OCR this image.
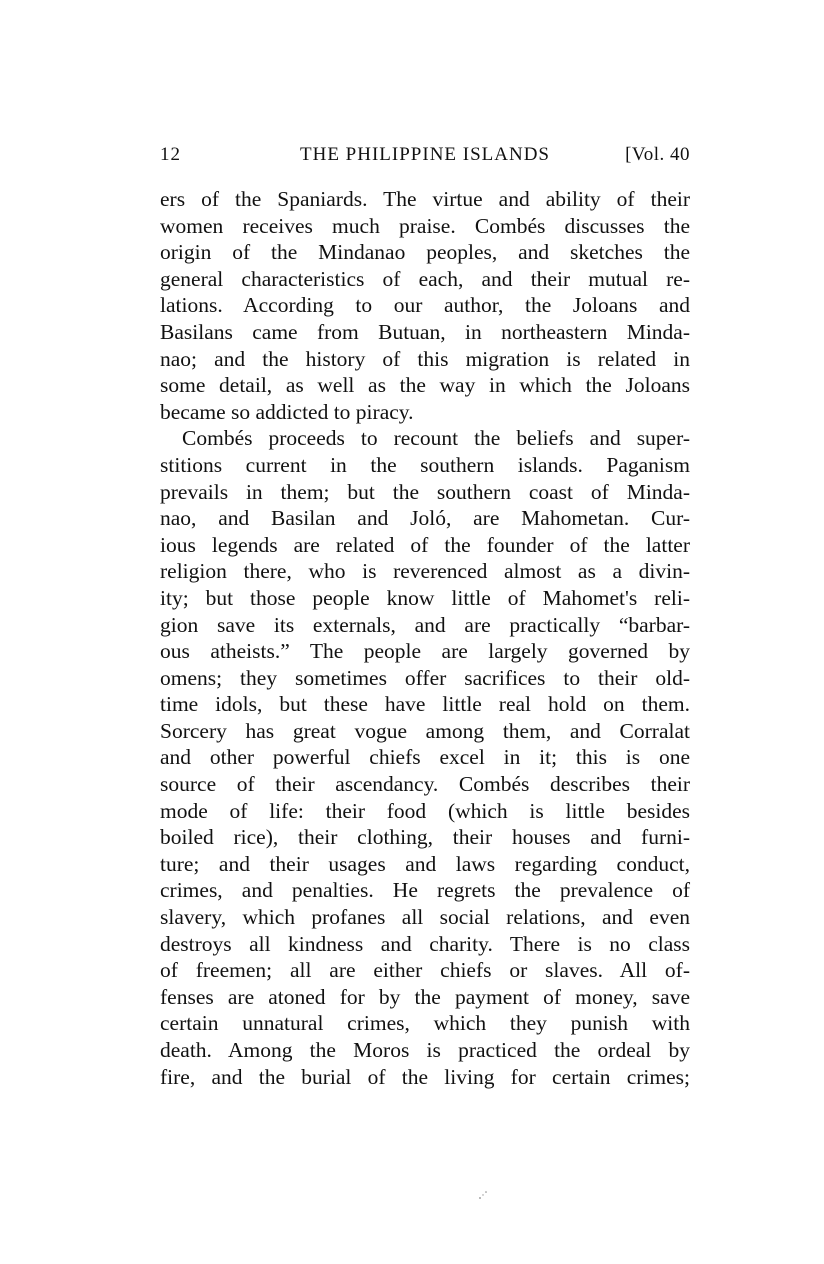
12	THE PHILIPPINE ISLANDS	[Vol. 40
ers of the Spaniards. The virtue and ability of their
women receives much praise. Combés discusses the
origin of the Mindanao peoples, and sketches the
general characteristics of each, and their mutual re-
lations. According to our author, the Joloans and
Basilans came from Butuan, in northeastern Minda-
nao; and the history of this migration is related in
some detail, as well as the way in which the Joloans
became so addicted to piracy.
Combés proceeds to recount the beliefs and super-
stitions current in the southern islands. Paganism
prevails in them; but the southern coast of Minda-
nao, and Basilan and Joló, are Mahometan. Cur-
ious legends are related of the founder of the latter
religion there, who is reverenced almost as a divin-
ity; but those people know little of Mahomet's reli-
gion save its externals, and are practically “barbar-
ous atheists.” The people are largely governed by
omens; they sometimes offer sacrifices to their old-
time idols, but these have little real hold on them.
Sorcery has great vogue among them, and Corralat
and other powerful chiefs excel in it; this is one
source of their ascendancy. Combés describes their
mode of life: their food (which is little besides
boiled rice), their clothing, their houses and furni-
ture; and their usages and laws regarding conduct,
crimes, and penalties. He regrets the prevalence of
slavery, which profanes all social relations, and even
destroys all kindness and charity. There is no class
of freemen; all are either chiefs or slaves. All of-
fenses are atoned for by the payment of money, save
certain unnatural crimes, which they punish with
death. Among the Moros is practiced the ordeal by
fire, and the burial of the living for certain crimes;
